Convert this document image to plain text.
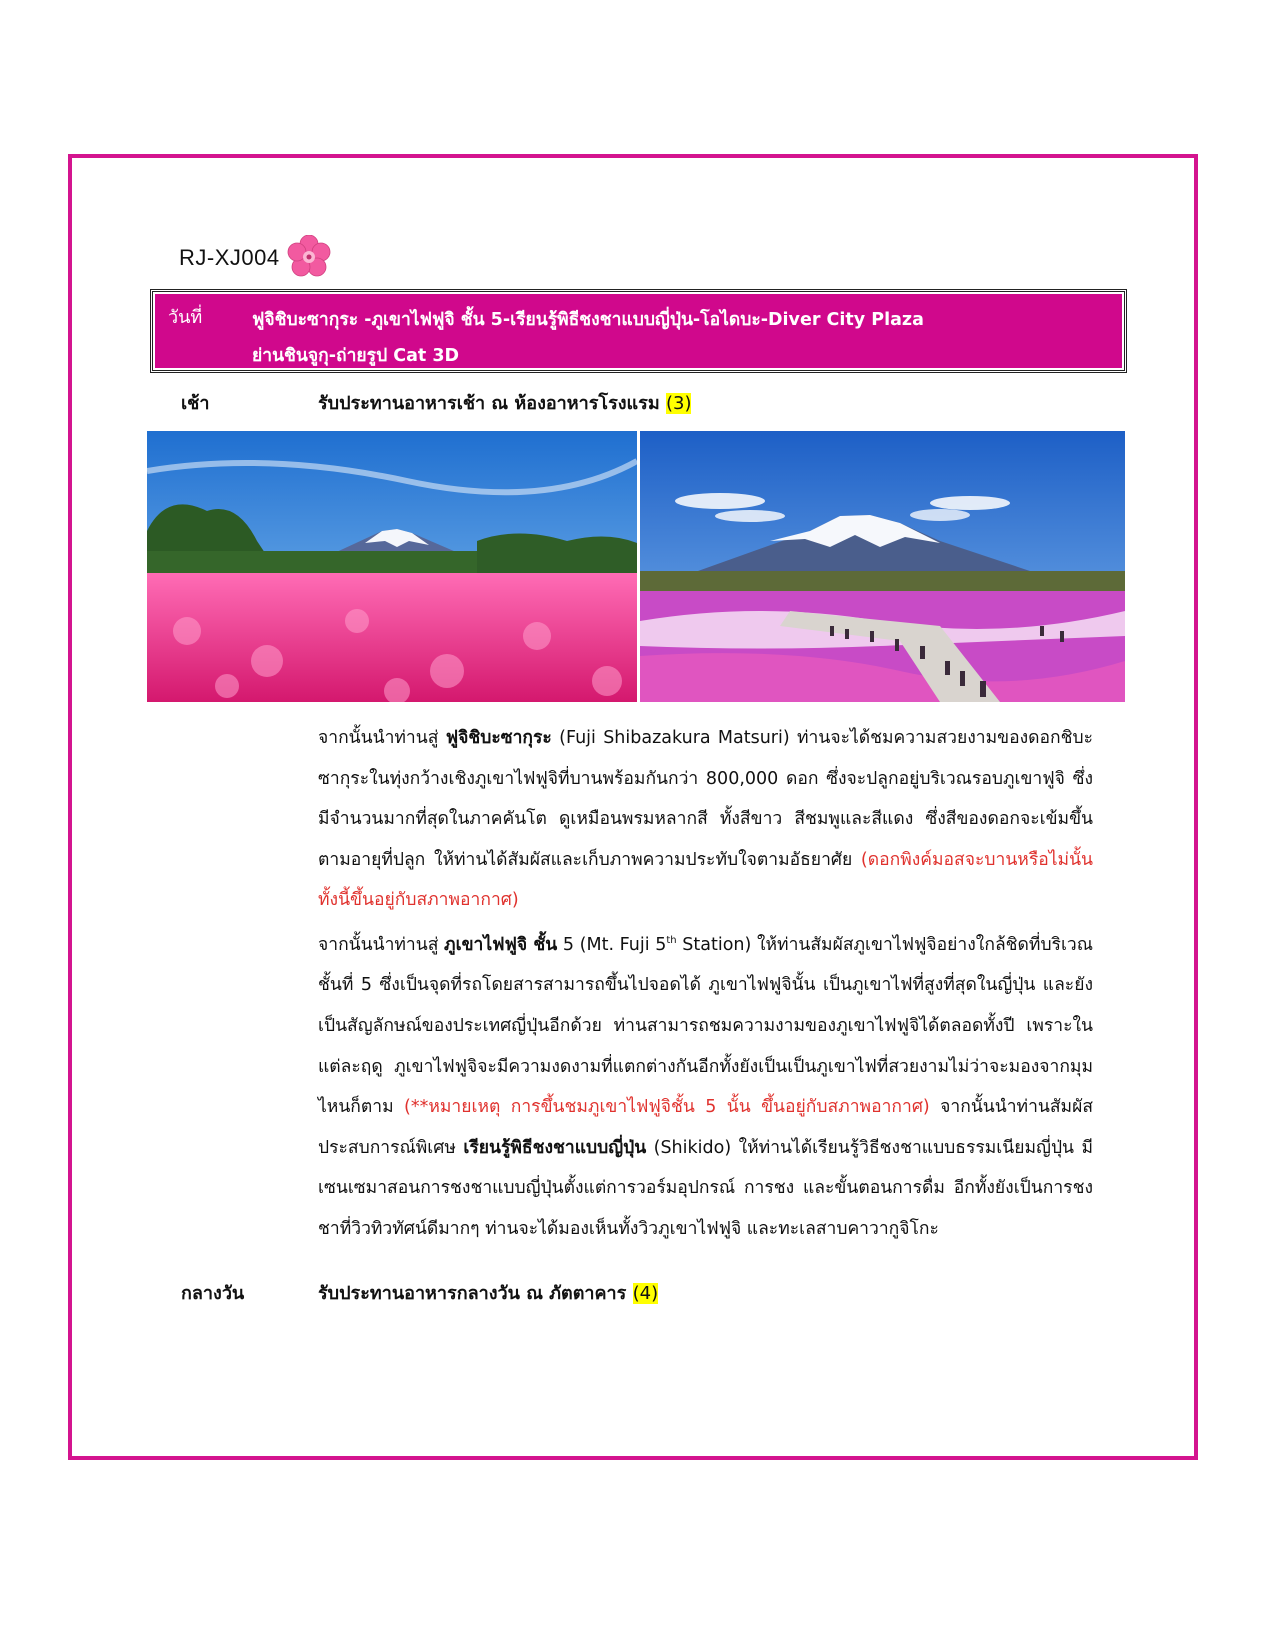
RJ-XJ004
วันที่	ฟูจิชิบะซากุระ -ภูเขาไฟฟูจิ ชั้น 5-เรียนรู้พิธีชงชาแบบญี่ปุ่น-โอไดบะ-Diver City Plaza
ย่านชินจูกุ-ถ่ายรูป Cat 3D
เช้า	รับประทานอาหารเช้า ณ ห้องอาหารโรงแรม (3)

จากนั้นนำท่านสู่ ฟูจิชิบะซากุระ (Fuji Shibazakura Matsuri) ท่านจะได้ชมความสวยงามของดอกชิบะซากุระในทุ่งกว้างเชิงภูเขาไฟฟูจิที่บานพร้อมกันกว่า 800,000 ดอก ซึ่งจะปลูกอยู่บริเวณรอบภูเขาฟูจิ ซึ่งมีจำนวนมากที่สุดในภาคคันโต ดูเหมือนพรมหลากสี ทั้งสีขาว สีชมพูและสีแดง ซึ่งสีของดอกจะเข้มขึ้นตามอายุที่ปลูก ให้ท่านได้สัมผัสและเก็บภาพความประทับใจตามอัธยาศัย (ดอกพิงค์มอสจะบานหรือไม่นั้น ทั้งนี้ขึ้นอยู่กับสภาพอากาศ)

จากนั้นนำท่านสู่ ภูเขาไฟฟูจิ ชั้น 5 (Mt. Fuji 5th Station) ให้ท่านสัมผัสภูเขาไฟฟูจิอย่างใกล้ชิดที่บริเวณชั้นที่ 5 ซึ่งเป็นจุดที่รถโดยสารสามารถขึ้นไปจอดได้ ภูเขาไฟฟูจินั้น เป็นภูเขาไฟที่สูงที่สุดในญี่ปุ่น และยังเป็นสัญลักษณ์ของประเทศญี่ปุ่นอีกด้วย ท่านสามารถชมความงามของภูเขาไฟฟูจิได้ตลอดทั้งปี เพราะในแต่ละฤดู ภูเขาไฟฟูจิจะมีความงดงามที่แตกต่างกันอีกทั้งยังเป็นเป็นภูเขาไฟที่สวยงามไม่ว่าจะมองจากมุมไหนก็ตาม (**หมายเหตุ การขึ้นชมภูเขาไฟฟูจิชั้น 5 นั้น ขึ้นอยู่กับสภาพอากาศ) จากนั้นนำท่านสัมผัสประสบการณ์พิเศษ เรียนรู้พิธีชงชาแบบญี่ปุ่น (Shikido) ให้ท่านได้เรียนรู้วิธีชงชาแบบธรรมเนียมญี่ปุ่น มีเซนเซมาสอนการชงชาแบบญี่ปุ่นตั้งแต่การวอร์มอุปกรณ์ การชง และขั้นตอนการดื่ม อีกทั้งยังเป็นการชงชาที่วิวทิวทัศน์ดีมากๆ ท่านจะได้มองเห็นทั้งวิวภูเขาไฟฟูจิ และทะเลสาบคาวากูจิโกะ

กลางวัน	รับประทานอาหารกลางวัน ณ ภัตตาคาร (4)
